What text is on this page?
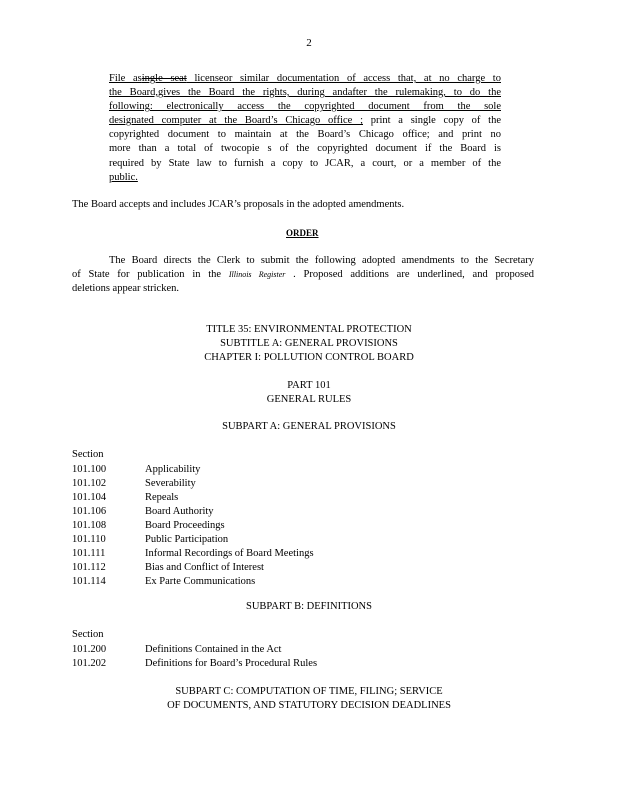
2
File asingle seat licenseor similar documentation of access that, at no charge to
the Board,gives the Board the rights, during andafter the rulemaking, to do the
following: electronically access the copyrighted document from the sole
designated computer at the Board’s Chicago office ; print a single copy of the
copyrighted document to maintain at the Board’s Chicago office; and print no
more than a total of twocopie s of the copyrighted document if the Board is
required by State law to furnish a copy to JCAR, a court, or a member of the
public.
The Board accepts and includes JCAR’s proposals in the adopted amendments.
ORDER
The Board directs the Clerk to submit the following adopted amendments to the Secretary
of State for publication in the Illinois Register . Proposed additions are underlined, and proposed
deletions appear stricken.
TITLE 35: ENVIRONMENTAL PROTECTION
SUBTITLE A: GENERAL PROVISIONS
CHAPTER I: POLLUTION CONTROL BOARD
PART 101
GENERAL RULES
SUBPART A: GENERAL PROVISIONS
Section
101.100	Applicability
101.102	Severability
101.104	Repeals
101.106	Board Authority
101.108	Board Proceedings
101.110	Public Participation
101.111	Informal Recordings of Board Meetings
101.112	Bias and Conflict of Interest
101.114	Ex Parte Communications
SUBPART B: DEFINITIONS
Section
101.200	Definitions Contained in the Act
101.202	Definitions for Board’s Procedural Rules
SUBPART C: COMPUTATION OF TIME, FILING; SERVICE
OF DOCUMENTS, AND STATUTORY DECISION DEADLINES
